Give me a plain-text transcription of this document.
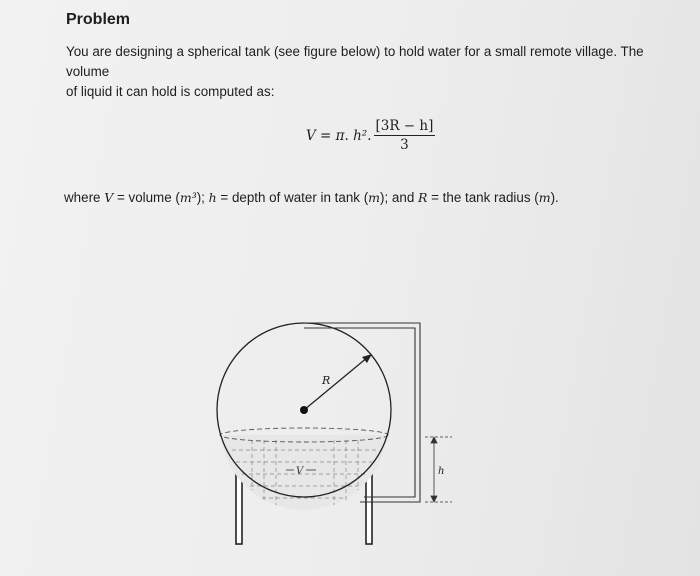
Problem
You are designing a spherical tank (see figure below) to hold water for a small remote village. The volume
of liquid it can hold is computed as:
V = π. h². $\frac{[3R - h]}{3}$
where V = volume (m³); h = depth of water in tank (m); and R = the tank radius (m).
R
V	h
